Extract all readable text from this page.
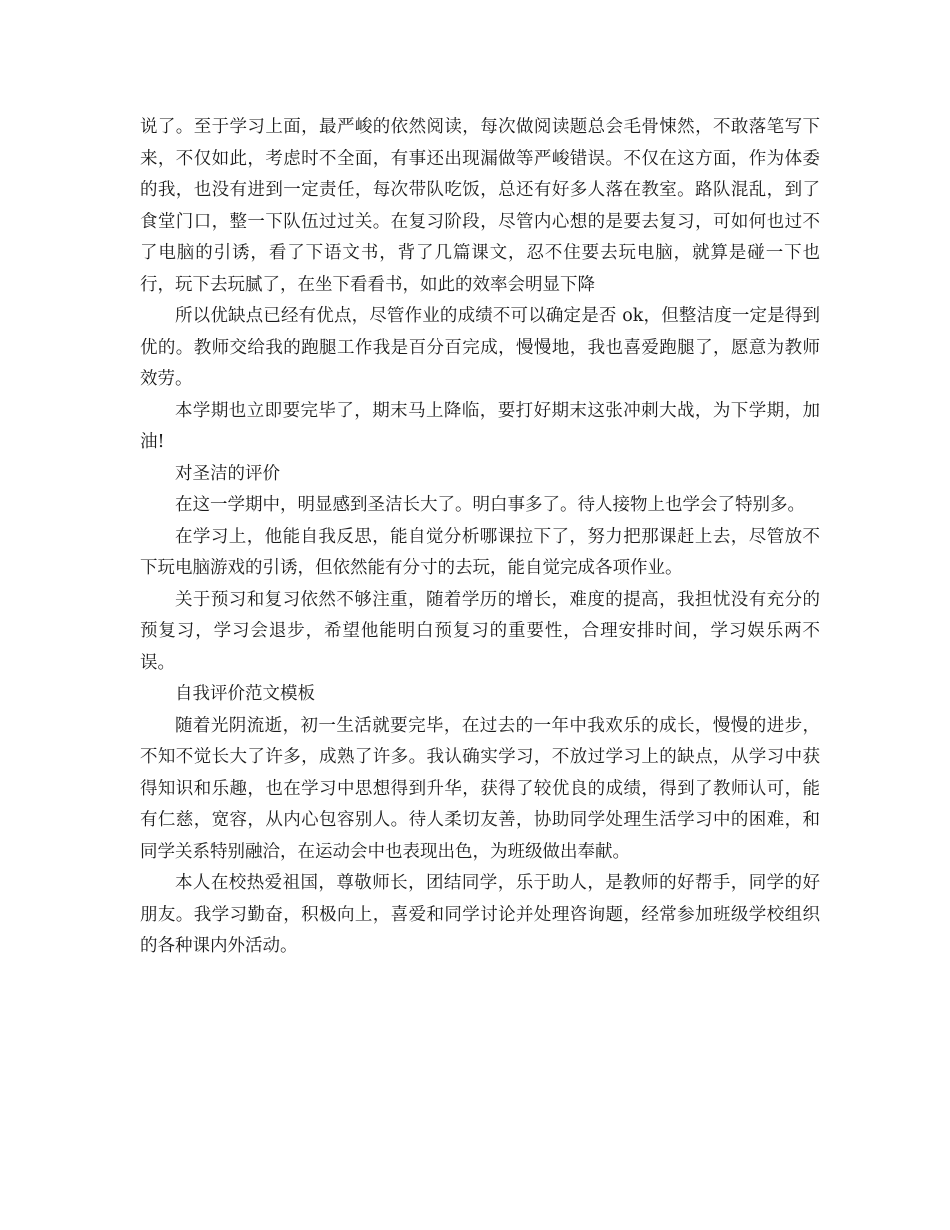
说了。至于学习上面，最严峻的依然阅读，每次做阅读题总会毛骨悚然，不敢落笔写下来，不仅如此，考虑时不全面，有事还出现漏做等严峻错误。不仅在这方面，作为体委的我，也没有进到一定责任，每次带队吃饭，总还有好多人落在教室。路队混乱，到了食堂门口，整一下队伍过过关。在复习阶段，尽管内心想的是要去复习，可如何也过不了电脑的引诱，看了下语文书，背了几篇课文，忍不住要去玩电脑，就算是碰一下也行，玩下去玩腻了，在坐下看看书，如此的效率会明显下降

所以优缺点已经有优点，尽管作业的成绩不可以确定是否 ok，但整洁度一定是得到优的。教师交给我的跑腿工作我是百分百完成，慢慢地，我也喜爱跑腿了，愿意为教师效劳。

本学期也立即要完毕了，期末马上降临，要打好期末这张冲刺大战，为下学期，加油!

对圣洁的评价

在这一学期中，明显感到圣洁长大了。明白事多了。待人接物上也学会了特别多。

在学习上，他能自我反思，能自觉分析哪课拉下了，努力把那课赶上去，尽管放不下玩电脑游戏的引诱，但依然能有分寸的去玩，能自觉完成各项作业。

关于预习和复习依然不够注重，随着学历的增长，难度的提高，我担忧没有充分的预复习，学习会退步，希望他能明白预复习的重要性，合理安排时间，学习娱乐两不误。

自我评价范文模板

随着光阴流逝，初一生活就要完毕，在过去的一年中我欢乐的成长，慢慢的进步，不知不觉长大了许多，成熟了许多。我认确实学习，不放过学习上的缺点，从学习中获得知识和乐趣，也在学习中思想得到升华，获得了较优良的成绩，得到了教师认可，能有仁慈，宽容，从内心包容别人。待人柔切友善，协助同学处理生活学习中的困难，和同学关系特别融洽，在运动会中也表现出色，为班级做出奉献。

本人在校热爱祖国，尊敬师长，团结同学，乐于助人，是教师的好帮手，同学的好朋友。我学习勤奋，积极向上，喜爱和同学讨论并处理咨询题，经常参加班级学校组织的各种课内外活动。
